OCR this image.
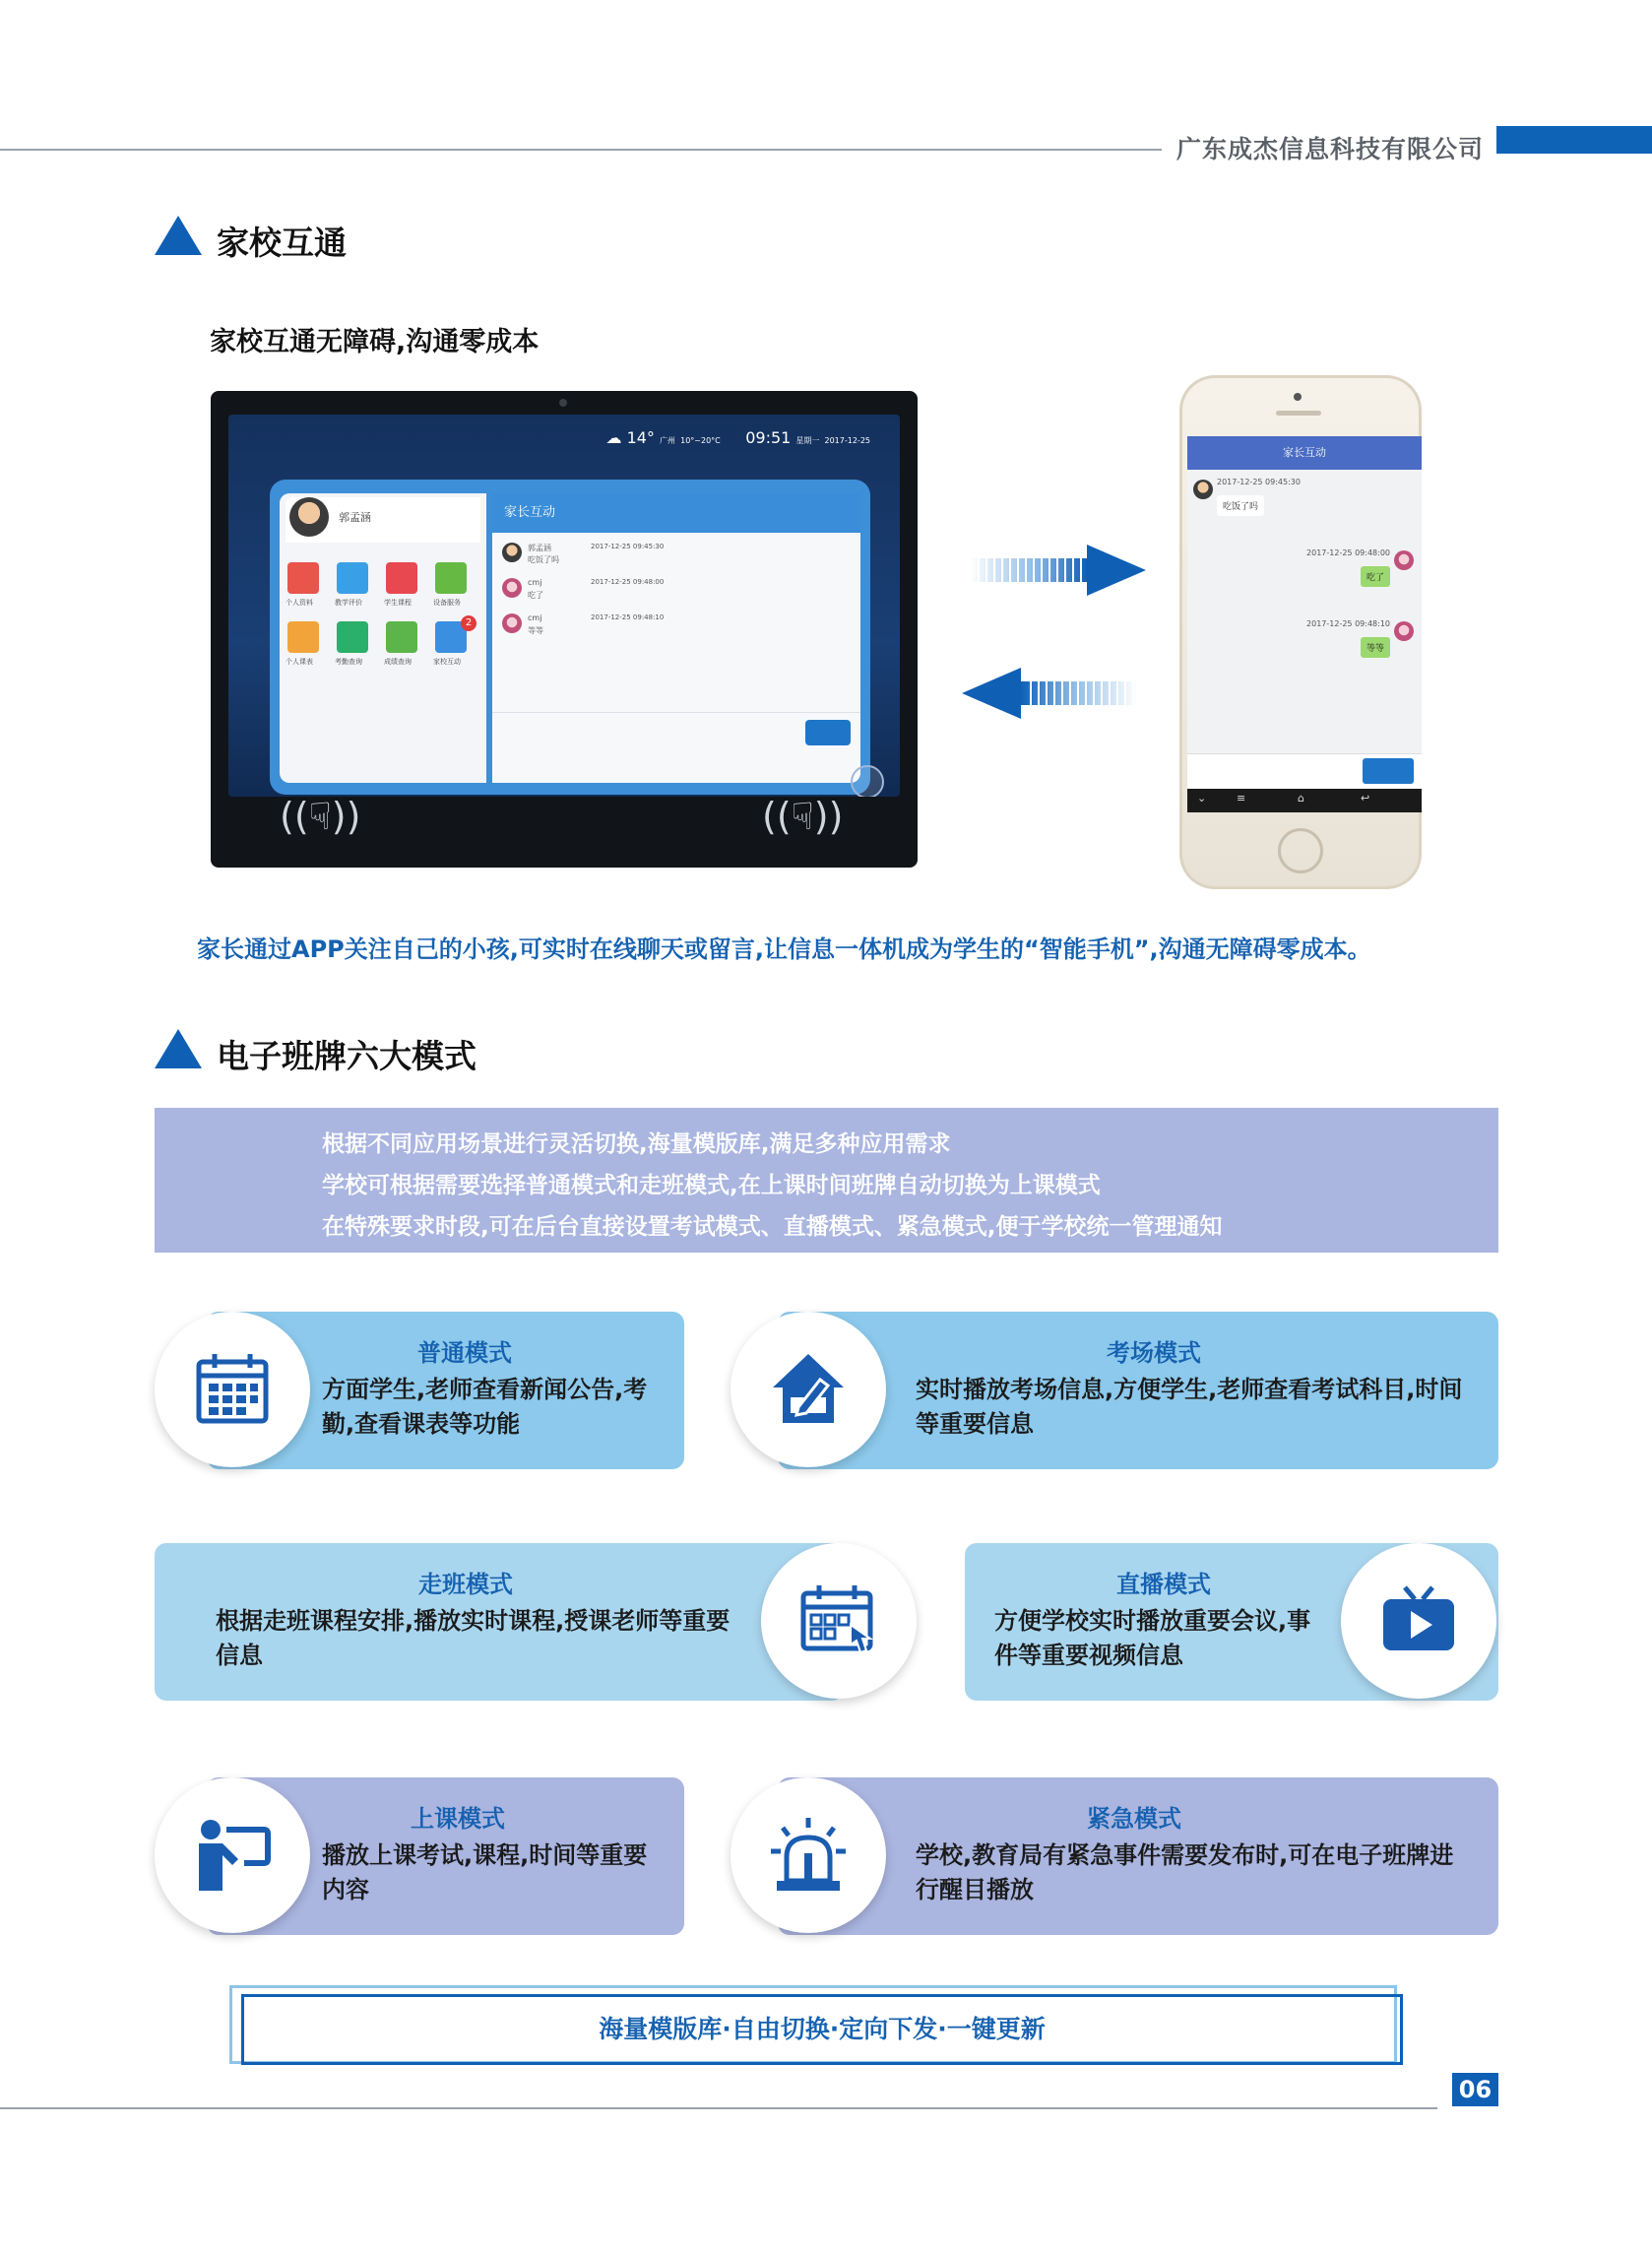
广东成杰信息科技有限公司
家校互通
家校互通无障碍,沟通零成本
☁ 14° 广州 10°~20°C 09:51 星期一 2017-12-25
郭孟涵
个人资料	教学评价	学生课程	设备服务
个人课表	考勤查询	成绩查询	家校互动
2
家长互动
郭孟涵
吃饭了吗
2017-12-25 09:45:30
cmj
吃了
2017-12-25 09:48:00
cmj
等等
2017-12-25 09:48:10
((☟))	((☟))
家长互动
2017-12-25 09:45:30
吃饭了吗
2017-12-25 09:48:00
吃了
2017-12-25 09:48:10
等等
⌄	≡	⌂	↩
家长通过APP关注自己的小孩,可实时在线聊天或留言,让信息一体机成为学生的“智能手机”,沟通无障碍零成本。
电子班牌六大模式
根据不同应用场景进行灵活切换,海量模版库,满足多种应用需求
学校可根据需要选择普通模式和走班模式,在上课时间班牌自动切换为上课模式
在特殊要求时段,可在后台直接设置考试模式、直播模式、紧急模式,便于学校统一管理通知
普通模式
方面学生,老师查看新闻公告,考勤,查看课表等功能
考场模式
实时播放考场信息,方便学生,老师查看考试科目,时间等重要信息
走班模式
根据走班课程安排,播放实时课程,授课老师等重要信息
直播模式
方便学校实时播放重要会议,事件等重要视频信息
上课模式
播放上课考试,课程,时间等重要内容
紧急模式
学校,教育局有紧急事件需要发布时,可在电子班牌进行醒目播放
海量模版库·自由切换·定向下发·一键更新
06
